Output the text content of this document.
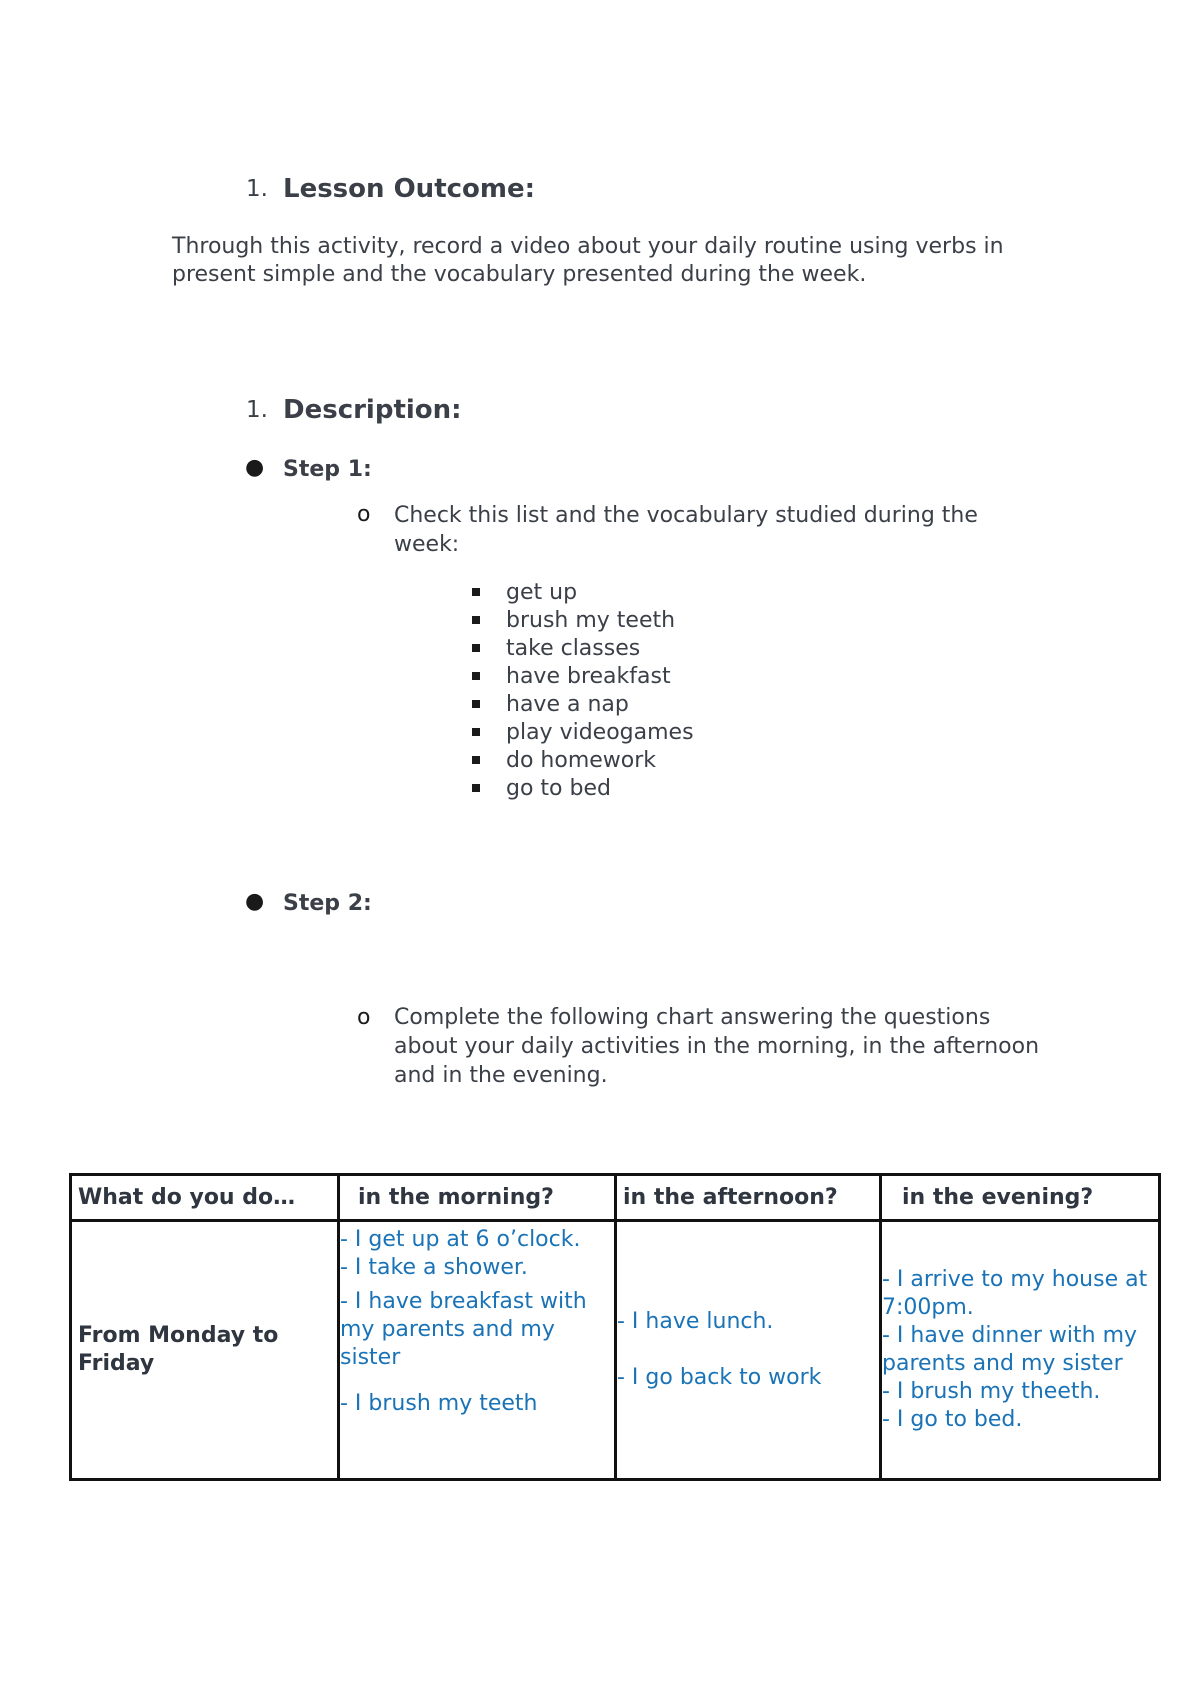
1. Lesson Outcome:
Through this activity, record a video about your daily routine using verbs in present simple and the vocabulary presented during the week.
1. Description:
● Step 1:
o Check this list and the vocabulary studied during the week:
get up
brush my teeth
take classes
have breakfast
have a nap
play videogames
do homework
go to bed
● Step 2:
o Complete the following chart answering the questions about your daily activities in the morning, in the afternoon and in the evening.
What do you do…	in the morning?	in the afternoon?	in the evening?
From Monday to Friday	- I get up at 6 o’clock.
- I take a shower.
- I have breakfast with my parents and my sister
- I brush my teeth	- I have lunch.
- I go back to work	- I arrive to my house at 7:00pm.
- I have dinner with my parents and my sister
- I brush my theeth.
- I go to bed.
